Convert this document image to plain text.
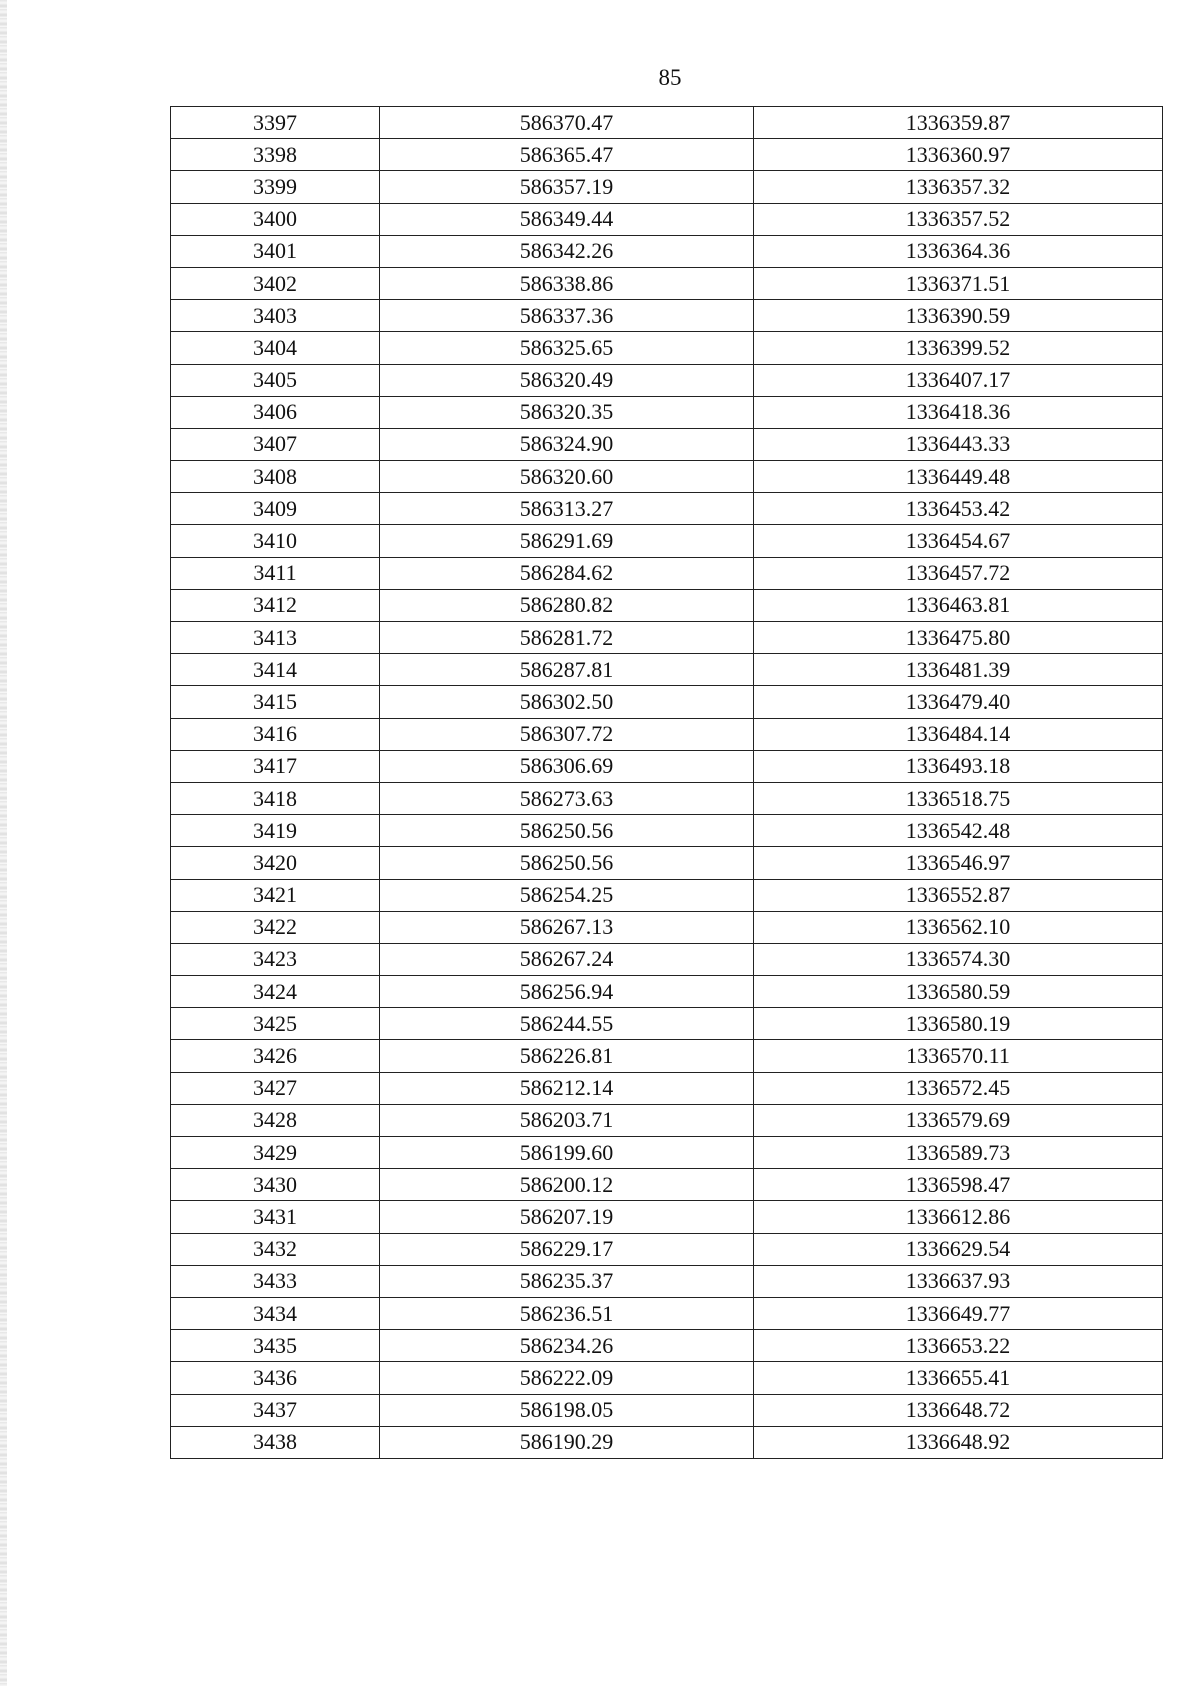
85
3397	586370.47	1336359.87
3398	586365.47	1336360.97
3399	586357.19	1336357.32
3400	586349.44	1336357.52
3401	586342.26	1336364.36
3402	586338.86	1336371.51
3403	586337.36	1336390.59
3404	586325.65	1336399.52
3405	586320.49	1336407.17
3406	586320.35	1336418.36
3407	586324.90	1336443.33
3408	586320.60	1336449.48
3409	586313.27	1336453.42
3410	586291.69	1336454.67
3411	586284.62	1336457.72
3412	586280.82	1336463.81
3413	586281.72	1336475.80
3414	586287.81	1336481.39
3415	586302.50	1336479.40
3416	586307.72	1336484.14
3417	586306.69	1336493.18
3418	586273.63	1336518.75
3419	586250.56	1336542.48
3420	586250.56	1336546.97
3421	586254.25	1336552.87
3422	586267.13	1336562.10
3423	586267.24	1336574.30
3424	586256.94	1336580.59
3425	586244.55	1336580.19
3426	586226.81	1336570.11
3427	586212.14	1336572.45
3428	586203.71	1336579.69
3429	586199.60	1336589.73
3430	586200.12	1336598.47
3431	586207.19	1336612.86
3432	586229.17	1336629.54
3433	586235.37	1336637.93
3434	586236.51	1336649.77
3435	586234.26	1336653.22
3436	586222.09	1336655.41
3437	586198.05	1336648.72
3438	586190.29	1336648.92
